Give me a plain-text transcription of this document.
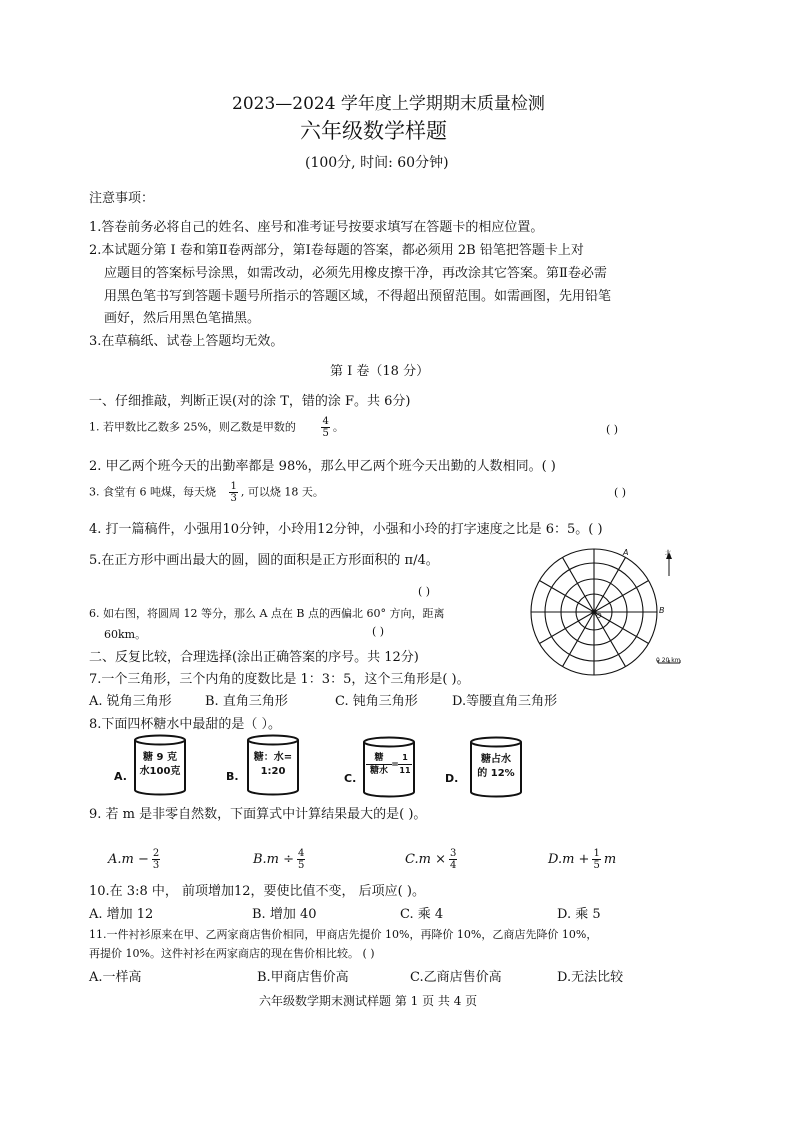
2023—2024 学年度上学期期末质量检测
六年级数学样题
(100分, 时间: 60分钟)
注意事项：
1.答卷前务必将自己的姓名、座号和准考证号按要求填写在答题卡的相应位置。
2.本试题分第 Ⅰ 卷和第Ⅱ卷两部分，第Ⅰ卷每题的答案，都必须用 2B 铅笔把答题卡上对
应题目的答案标号涂黑，如需改动，必须先用橡皮擦干净，再改涂其它答案。第Ⅱ卷必需
用黑色笔书写到答题卡题号所指示的答题区域，不得超出预留范围。如需画图，先用铅笔
画好，然后用黑色笔描黑。
3.在草稿纸、试卷上答题均无效。
第 Ⅰ 卷（18 分）
一、仔细推敲，判断正误(对的涂 T，错的涂 F。共 6分)
1. 若甲数比乙数多 25%，则乙数是甲数的	$\frac{4}{5}$ 。	( )
2. 甲乙两个班今天的出勤率都是 98%，那么甲乙两个班今天出勤的人数相同。( )
3. 食堂有 6 吨煤，每天烧 $\frac{1}{3}$ , 可以烧 18 天。	( )
4. 打一篇稿件，小强用10分钟，小玲用12分钟，小强和小玲的打字速度之比是 6：5。( )
5.在正方形中画出最大的圆，圆的面积是正方形面积的 π/4。
( )
6. 如右图，将圆周 12 等分，那么 A 点在 B 点的西偏北 60° 方向，距离
60km。	( )
A
B
O
北
0 20 km
二、反复比较，合理选择(涂出正确答案的序号。共 12分)
7.一个三角形，三个内角的度数比是 1：3：5，这个三角形是( )。
A. 锐角三角形	B. 直角三角形	C. 钝角三角形	D.等腰直角三角形
8.下面四杯糖水中最甜的是（ ）。
A.
糖 9 克
水100克	B.
糖：水=
1:20
C.
糖
糖水
= $\frac{1}{11}$
D.
糖占水
的 12%
9. 若 m 是非零自然数，下面算式中计算结果最大的是( )。
$A.m - \frac{2}{3}$	$B.m \div \frac{4}{5}$	$C.m \times \frac{3}{4}$	$D.m + \frac{1}{5}$ m
10.在 3:8 中， 前项增加12，要使比值不变， 后项应( )。
A. 增加 12	B. 增加 40	C. 乘 4	D. 乘 5
11.一件衬衫原来在甲、乙两家商店售价相同，甲商店先提价 10%，再降价 10%，乙商店先降价 10%，
再提价 10%。这件衬衫在两家商店的现在售价相比较。 ( )
A.一样高	B.甲商店售价高	C.乙商店售价高	D.无法比较
六年级数学期末测试样题 第 1 页 共 4 页
